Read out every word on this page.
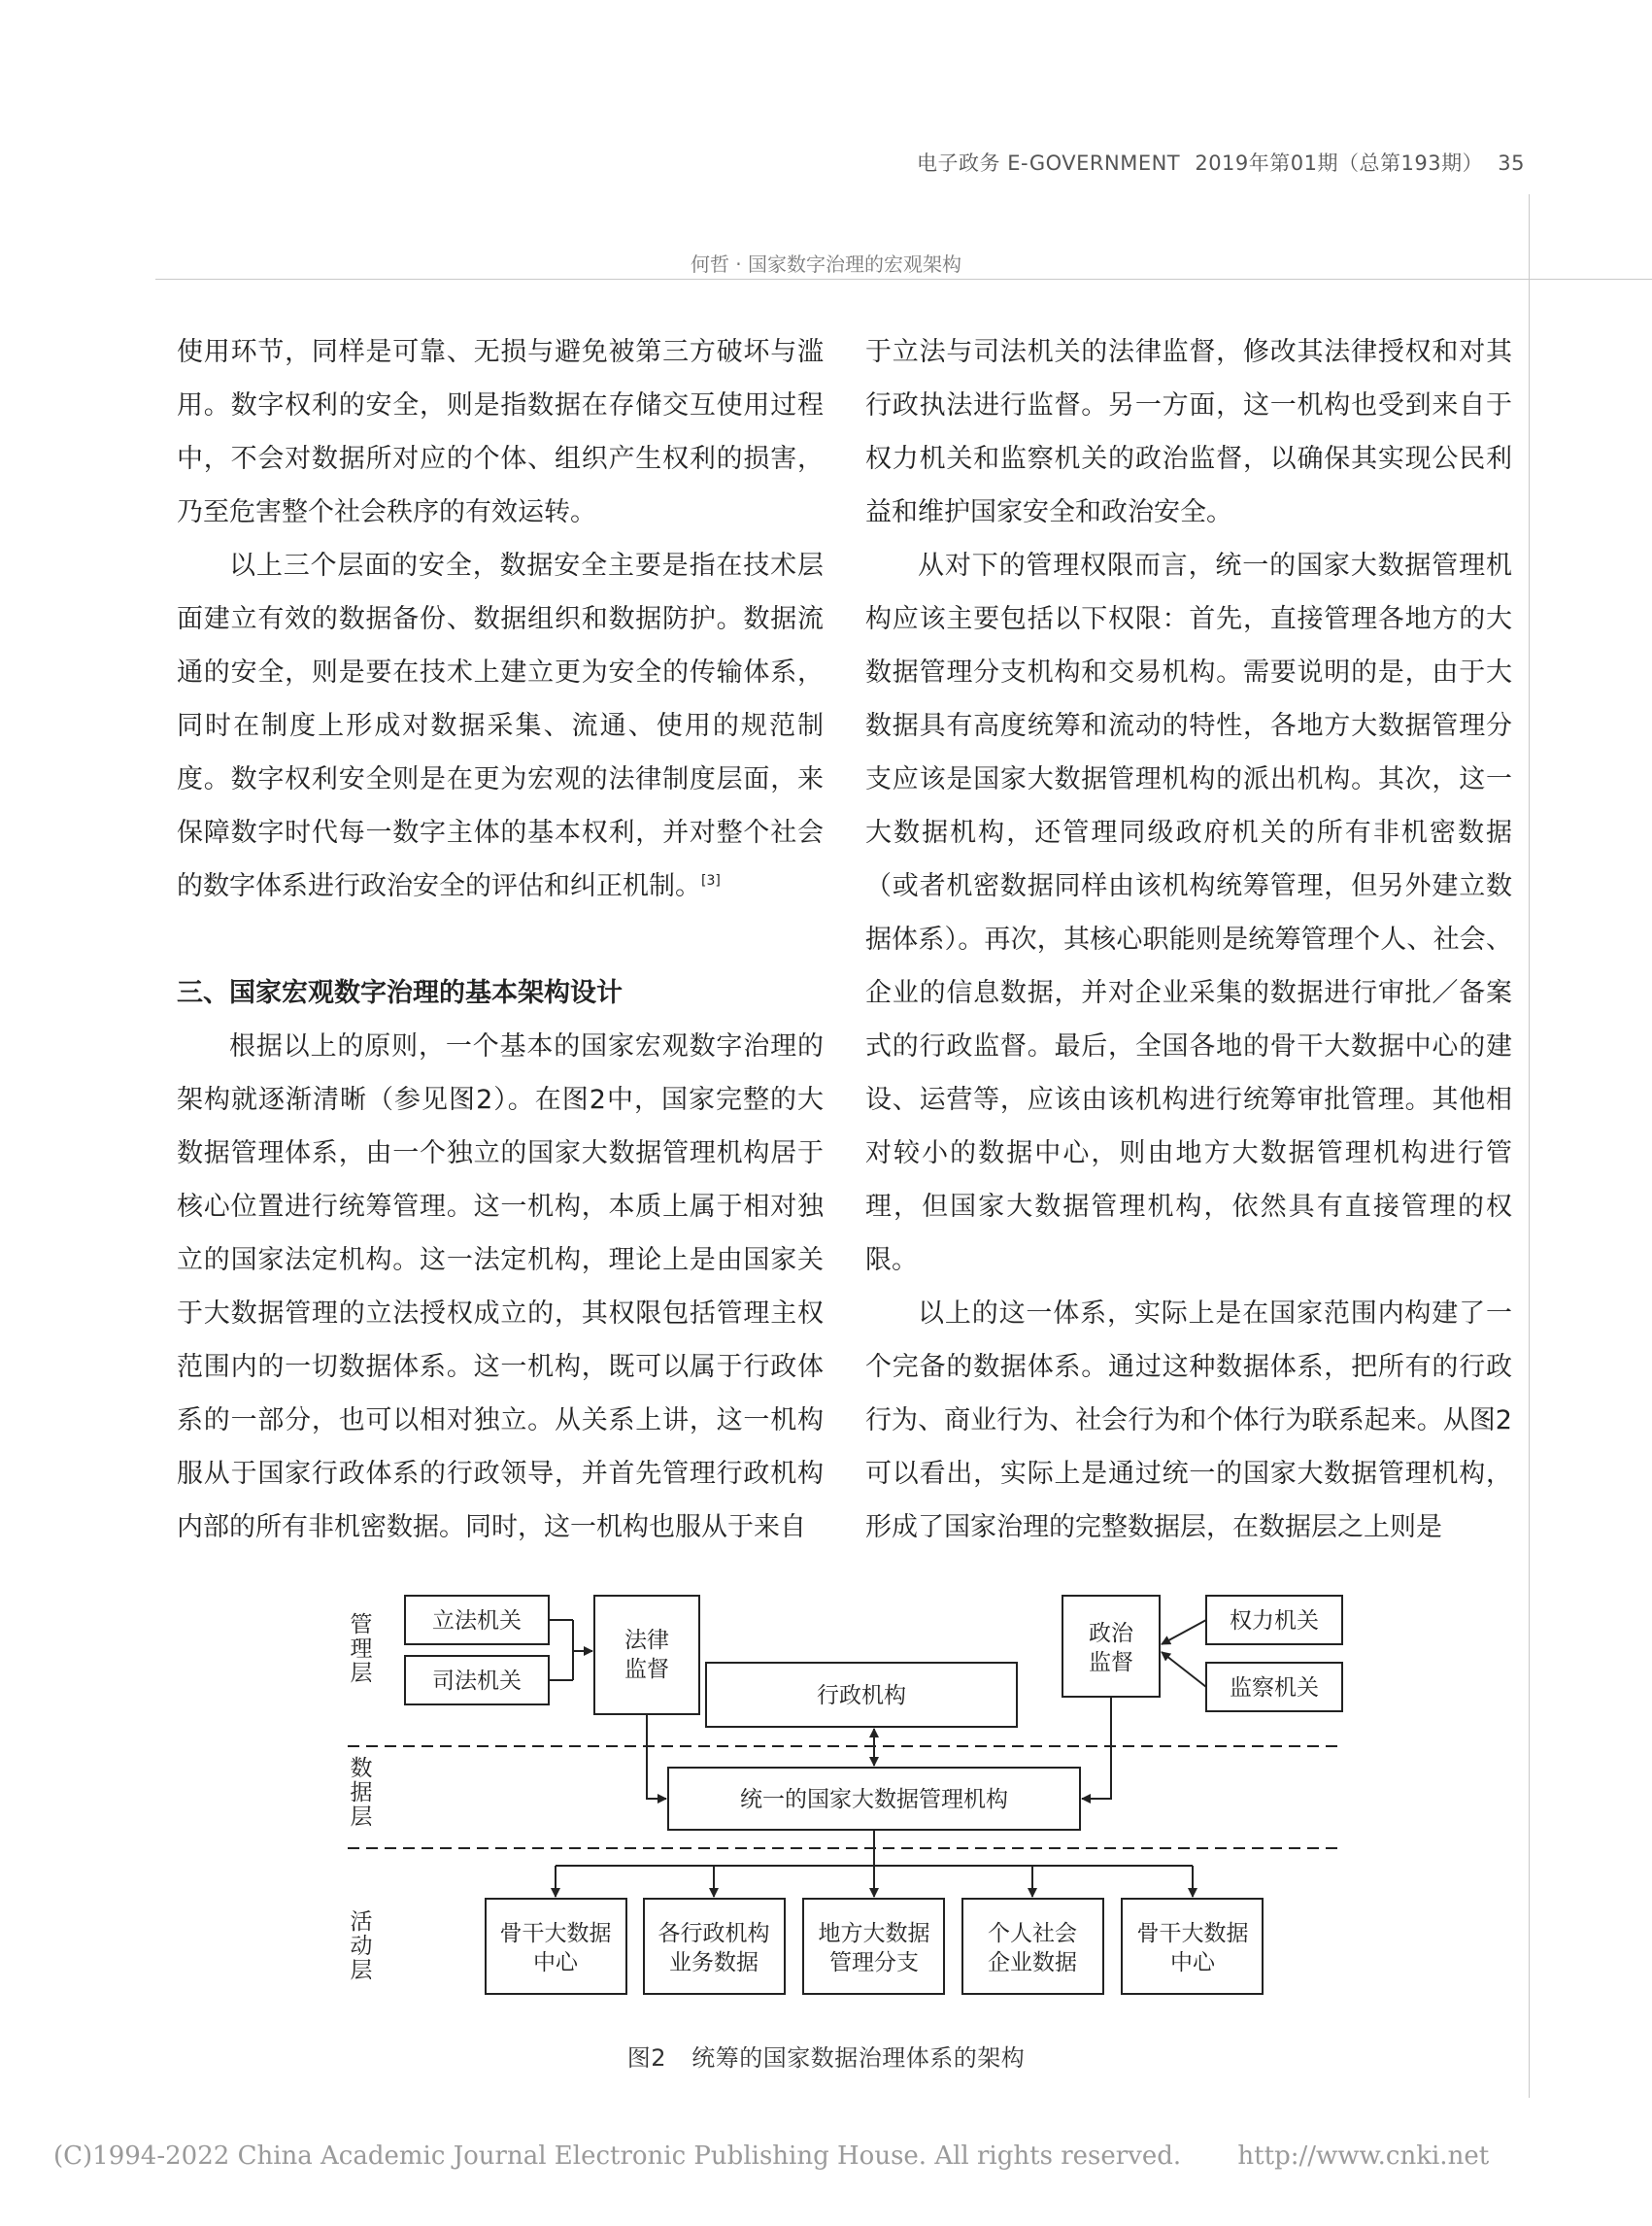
电子政务 E-GOVERNMENT 2019年第01期（总第193期） 35
何哲 · 国家数字治理的宏观架构

使用环节，同样是可靠、无损与避免被第三方破坏与滥用。数字权利的安全，则是指数据在存储交互使用过程中，不会对数据所对应的个体、组织产生权利的损害，乃至危害整个社会秩序的有效运转。

以上三个层面的安全，数据安全主要是指在技术层面建立有效的数据备份、数据组织和数据防护。数据流通的安全，则是要在技术上建立更为安全的传输体系，同时在制度上形成对数据采集、流通、使用的规范制度。数字权利安全则是在更为宏观的法律制度层面，来保障数字时代每一数字主体的基本权利，并对整个社会的数字体系进行政治安全的评估和纠正机制。[3]

三、国家宏观数字治理的基本架构设计

根据以上的原则，一个基本的国家宏观数字治理的架构就逐渐清晰（参见图2）。在图2中，国家完整的大数据管理体系，由一个独立的国家大数据管理机构居于核心位置进行统筹管理。这一机构，本质上属于相对独立的国家法定机构。这一法定机构，理论上是由国家关于大数据管理的立法授权成立的，其权限包括管理主权范围内的一切数据体系。这一机构，既可以属于行政体系的一部分，也可以相对独立。从关系上讲，这一机构服从于国家行政体系的行政领导，并首先管理行政机构内部的所有非机密数据。同时，这一机构也服从于来自

于立法与司法机关的法律监督，修改其法律授权和对其行政执法进行监督。另一方面，这一机构也受到来自于权力机关和监察机关的政治监督，以确保其实现公民利益和维护国家安全和政治安全。

从对下的管理权限而言，统一的国家大数据管理机构应该主要包括以下权限：首先，直接管理各地方的大数据管理分支机构和交易机构。需要说明的是，由于大数据具有高度统筹和流动的特性，各地方大数据管理分支应该是国家大数据管理机构的派出机构。其次，这一大数据机构，还管理同级政府机关的所有非机密数据（或者机密数据同样由该机构统筹管理，但另外建立数据体系）。再次，其核心职能则是统筹管理个人、社会、企业的信息数据，并对企业采集的数据进行审批／备案式的行政监督。最后，全国各地的骨干大数据中心的建设、运营等，应该由该机构进行统筹审批管理。其他相对较小的数据中心，则由地方大数据管理机构进行管理，但国家大数据管理机构，依然具有直接管理的权限。

以上的这一体系，实际上是在国家范围内构建了一个完备的数据体系。通过这种数据体系，把所有的行政行为、商业行为、社会行为和个体行为联系起来。从图2可以看出，实际上是通过统一的国家大数据管理机构，形成了国家治理的完整数据层，在数据层之上则是

管
理
层
数
据
层
活
动
层
立法机关
司法机关
法律
监督
行政机构
政治
监督
权力机关
监察机关
统一的国家大数据管理机构
骨干大数据
中心
各行政机构
业务数据
地方大数据
管理分支
个人社会
企业数据
骨干大数据
中心
图2 统筹的国家数据治理体系的架构
(C)1994-2022 China Academic Journal Electronic Publishing House. All rights reserved. http://www.cnki.net
